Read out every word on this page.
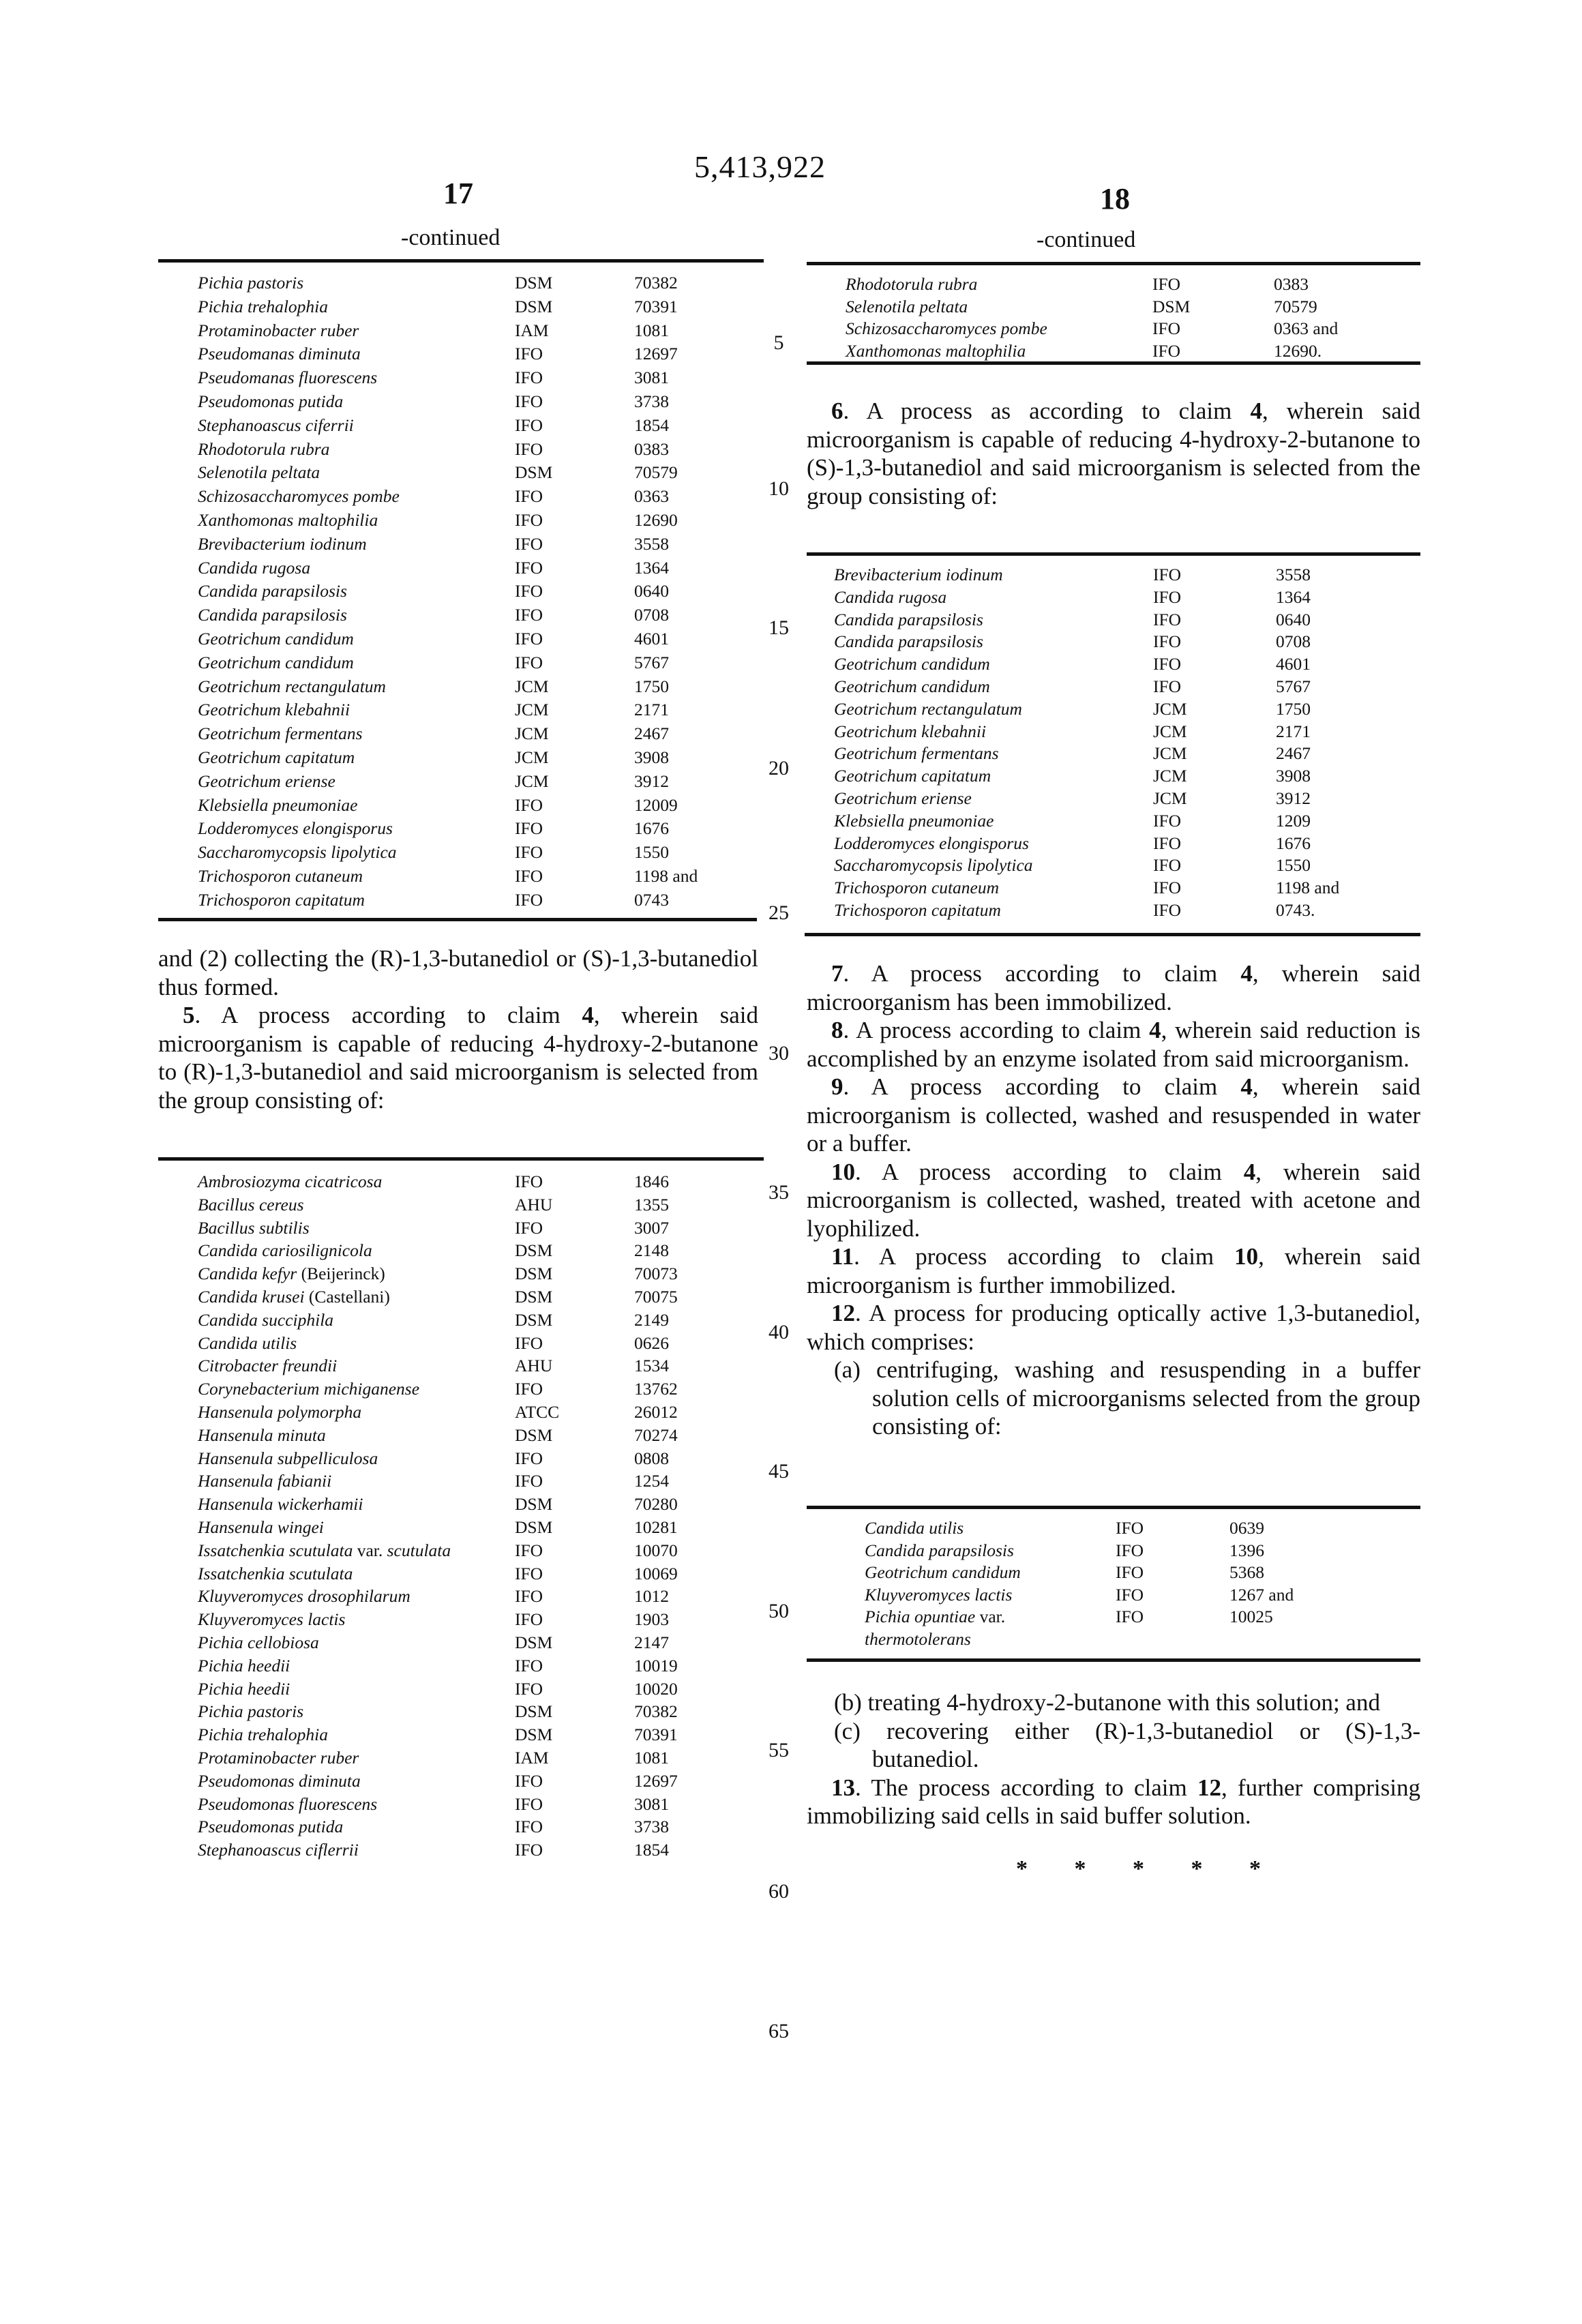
5,413,922
17	18
-continued	-continued
Pichia pastoris	DSM	70382
Pichia trehalophia	DSM	70391
Protaminobacter ruber	IAM	1081
Pseudomanas diminuta	IFO	12697
Pseudomanas fluorescens	IFO	3081
Pseudomonas putida	IFO	3738
Stephanoascus ciferrii	IFO	1854
Rhodotorula rubra	IFO	0383
Selenotila peltata	DSM	70579
Schizosaccharomyces pombe	IFO	0363
Xanthomonas maltophilia	IFO	12690
Brevibacterium iodinum	IFO	3558
Candida rugosa	IFO	1364
Candida parapsilosis	IFO	0640
Candida parapsilosis	IFO	0708
Geotrichum candidum	IFO	4601
Geotrichum candidum	IFO	5767
Geotrichum rectangulatum	JCM	1750
Geotrichum klebahnii	JCM	2171
Geotrichum fermentans	JCM	2467
Geotrichum capitatum	JCM	3908
Geotrichum eriense	JCM	3912
Klebsiella pneumoniae	IFO	12009
Lodderomyces elongisporus	IFO	1676
Saccharomycopsis lipolytica	IFO	1550
Trichosporon cutaneum	IFO	1198 and
Trichosporon capitatum	IFO	0743

and (2) collecting the (R)-1,3-butanediol or (S)-1,3-butanediol thus formed.

5. A process according to claim 4, wherein said microorganism is capable of reducing 4-hydroxy-2-butanone to (R)-1,3-butanediol and said microorganism is selected from the group consisting of:

Ambrosiozyma cicatricosa	IFO	1846
Bacillus cereus	AHU	1355
Bacillus subtilis	IFO	3007
Candida cariosilignicola	DSM	2148
Candida kefyr (Beijerinck)	DSM	70073
Candida krusei (Castellani)	DSM	70075
Candida succiphila	DSM	2149
Candida utilis	IFO	0626
Citrobacter freundii	AHU	1534
Corynebacterium michiganense	IFO	13762
Hansenula polymorpha	ATCC	26012
Hansenula minuta	DSM	70274
Hansenula subpelliculosa	IFO	0808
Hansenula fabianii	IFO	1254
Hansenula wickerhamii	DSM	70280
Hansenula wingei	DSM	10281
Issatchenkia scutulata var. scutulata	IFO	10070
Issatchenkia scutulata	IFO	10069
Kluyveromyces drosophilarum	IFO	1012
Kluyveromyces lactis	IFO	1903
Pichia cellobiosa	DSM	2147
Pichia heedii	IFO	10019
Pichia heedii	IFO	10020
Pichia pastoris	DSM	70382
Pichia trehalophia	DSM	70391
Protaminobacter ruber	IAM	1081
Pseudomonas diminuta	IFO	12697
Pseudomonas fluorescens	IFO	3081
Pseudomonas putida	IFO	3738
Stephanoascus ciflerrii	IFO	1854
Rhodotorula rubra	IFO	0383
Selenotila peltata	DSM	70579
Schizosaccharomyces pombe	IFO	0363 and
Xanthomonas maltophilia	IFO	12690.

6. A process as according to claim 4, wherein said microorganism is capable of reducing 4-hydroxy-2-butanone to (S)-1,3-butanediol and said microorganism is selected from the group consisting of:

Brevibacterium iodinum	IFO	3558
Candida rugosa	IFO	1364
Candida parapsilosis	IFO	0640
Candida parapsilosis	IFO	0708
Geotrichum candidum	IFO	4601
Geotrichum candidum	IFO	5767
Geotrichum rectangulatum	JCM	1750
Geotrichum klebahnii	JCM	2171
Geotrichum fermentans	JCM	2467
Geotrichum capitatum	JCM	3908
Geotrichum eriense	JCM	3912
Klebsiella pneumoniae	IFO	1209
Lodderomyces elongisporus	IFO	1676
Saccharomycopsis lipolytica	IFO	1550
Trichosporon cutaneum	IFO	1198 and
Trichosporon capitatum	IFO	0743.

7. A process according to claim 4, wherein said microorganism has been immobilized.

8. A process according to claim 4, wherein said reduction is accomplished by an enzyme isolated from said microorganism.

9. A process according to claim 4, wherein said microorganism is collected, washed and resuspended in water or a buffer.

10. A process according to claim 4, wherein said microorganism is collected, washed, treated with acetone and lyophilized.

11. A process according to claim 10, wherein said microorganism is further immobilized.

12. A process for producing optically active 1,3-butanediol, which comprises:

(a) centrifuging, washing and resuspending in a buffer solution cells of microorganisms selected from the group consisting of:

Candida utilis	IFO	0639
Candida parapsilosis	IFO	1396
Geotrichum candidum	IFO	5368
Kluyveromyces lactis	IFO	1267 and
Pichia opuntiae var.	IFO	10025
thermotolerans

(b) treating 4-hydroxy-2-butanone with this solution; and

(c) recovering either (R)-1,3-butanediol or (S)-1,3-butanediol.

13. The process according to claim 12, further comprising immobilizing said cells in said buffer solution.

* * * * *
5
10
15
20
25
30
35
40
45
50
55
60
65
